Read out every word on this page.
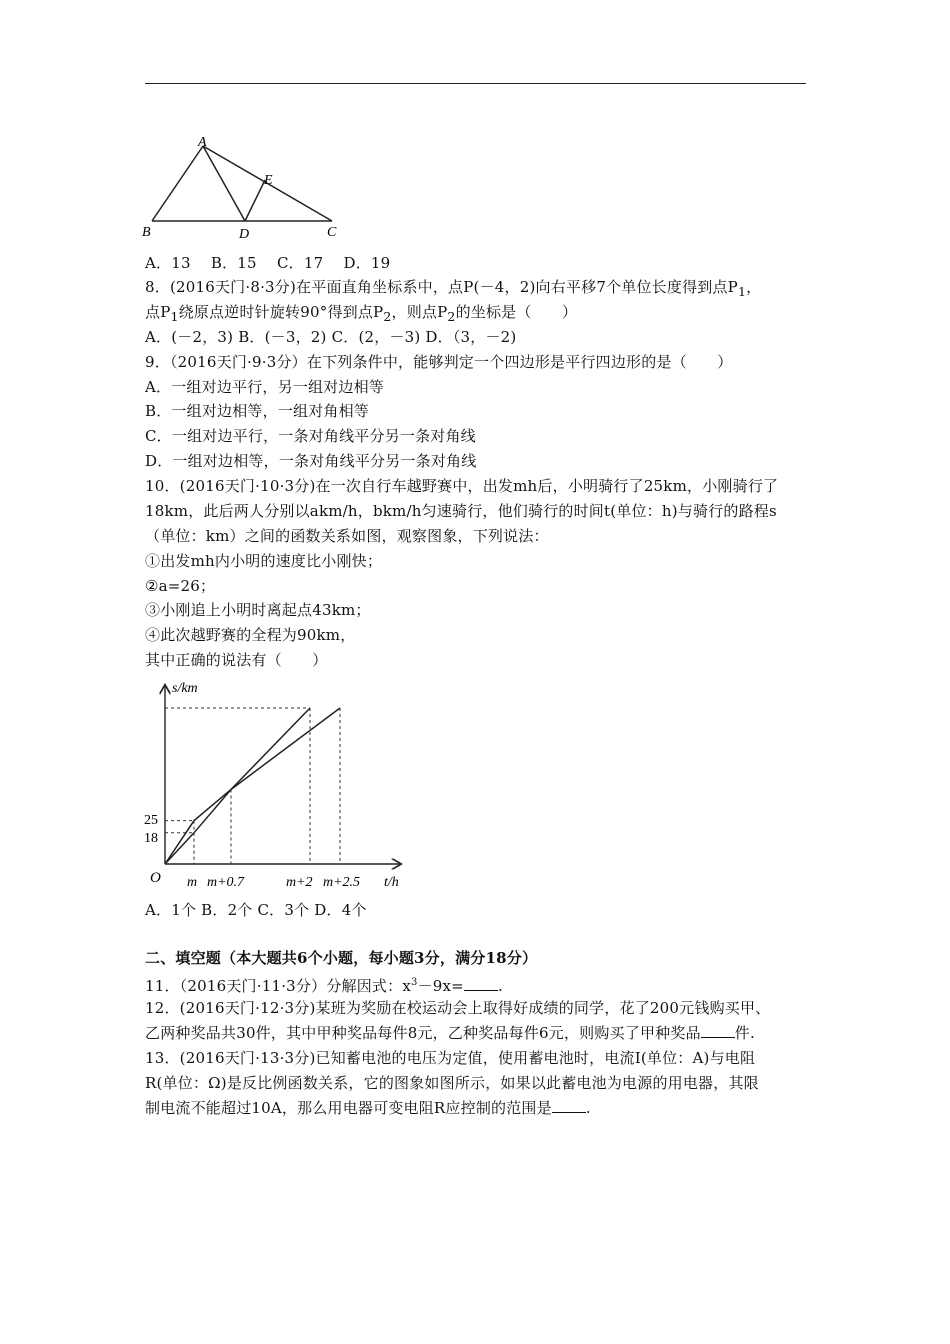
A
B	D	C
E
A．13　 B．15　 C．17　 D．19
8．(2016天门·8·3分)在平面直角坐标系中，点P(－4，2)向右平移7个单位长度得到点$P_1$，
点$P_1$绕原点逆时针旋转90°得到点$P_2$，则点$P_2$的坐标是（　　）
A．(－2，3) B．(－3，2) C．(2，－3) D．（3，－2)
9．（2016天门·9·3分）在下列条件中，能够判定一个四边形是平行四边形的是（　　）
A．一组对边平行，另一组对边相等
B．一组对边相等，一组对角相等
C．一组对边平行，一条对角线平分另一条对角线
D．一组对边相等，一条对角线平分另一条对角线
10．(2016天门·10·3分)在一次自行车越野赛中，出发mh后，小明骑行了25km，小刚骑行了
18km，此后两人分别以akm/h，bkm/h匀速骑行，他们骑行的时间t(单位：h)与骑行的路程s
（单位：km）之间的函数关系如图，观察图象，下列说法：
①出发mh内小明的速度比小刚快；
②a=26；
③小刚追上小明时离起点43km；
④此次越野赛的全程为90km，
其中正确的说法有（　　）
s/km
t/h
O
25
18
m m+0.7	m+2 m+2.5
A．1个 B．2个 C．3个 D．4个
二、填空题（本大题共6个小题，每小题3分，满分18分）
11．（2016天门·11·3分）分解因式：$x^3-9x=$ .
12．(2016天门·12·3分)某班为奖励在校运动会上取得好成绩的同学，花了200元钱购买甲、
乙两种奖品共30件，其中甲种奖品每件8元，乙种奖品每件6元，则购买了甲种奖品 件.
13．(2016天门·13·3分)已知蓄电池的电压为定值，使用蓄电池时，电流I(单位：A)与电阻
R(单位：Ω)是反比例函数关系，它的图象如图所示，如果以此蓄电池为电源的用电器，其限
制电流不能超过10A，那么用电器可变电阻R应控制的范围是 .
